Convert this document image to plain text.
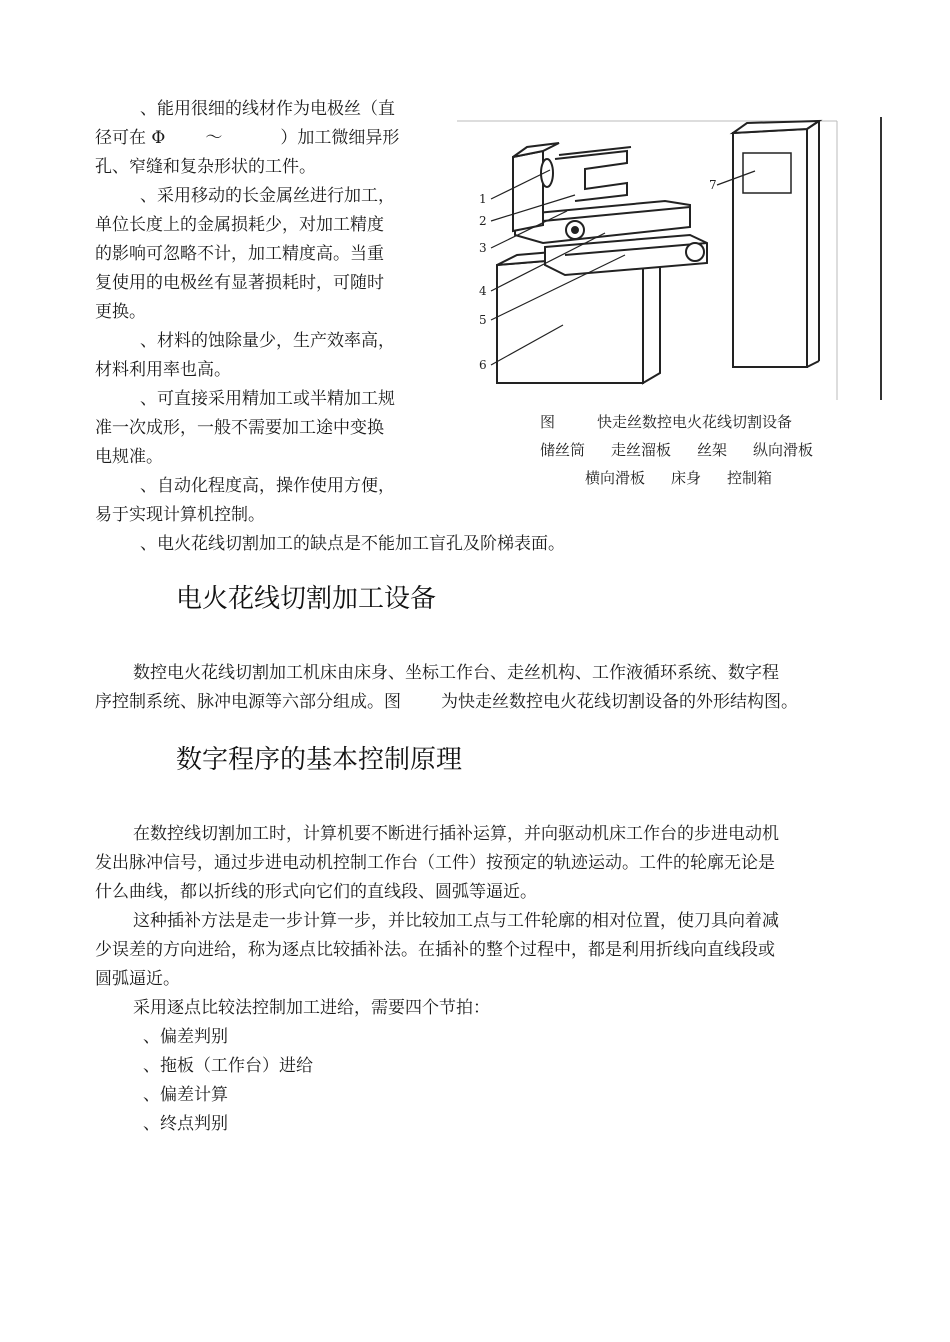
、能用很细的线材作为电极丝（直
径可在 Φ ～	）加工微细异形
孔、窄缝和复杂形状的工件。
、采用移动的长金属丝进行加工，
单位长度上的金属损耗少，对加工精度
的影响可忽略不计，加工精度高。当重
复使用的电极丝有显著损耗时，可随时
更换。
、材料的蚀除量少，生产效率高，
材料利用率也高。
、可直接采用精加工或半精加工规
准一次成形，一般不需要加工途中变换
电规准。
、自动化程度高，操作使用方便，
易于实现计算机控制。
、电火花线切割加工的缺点是不能加工盲孔及阶梯表面。
1
2
3
4
5
6
7
图	快走丝数控电火花线切割设备
储丝筒 走丝溜板 丝架 纵向滑板
横向滑板 床身 控制箱
电火花线切割加工设备
数控电火花线切割加工机床由床身、坐标工作台、走丝机构、工作液循环系统、数字程
序控制系统、脉冲电源等六部分组成。图 为快走丝数控电火花线切割设备的外形结构图。
数字程序的基本控制原理
在数控线切割加工时，计算机要不断进行插补运算，并向驱动机床工作台的步进电动机
发出脉冲信号，通过步进电动机控制工作台（工件）按预定的轨迹运动。工件的轮廓无论是
什么曲线，都以折线的形式向它们的直线段、圆弧等逼近。
这种插补方法是走一步计算一步，并比较加工点与工件轮廓的相对位置，使刀具向着减
少误差的方向进给，称为逐点比较插补法。在插补的整个过程中，都是利用折线向直线段或
圆弧逼近。
采用逐点比较法控制加工进给，需要四个节拍：
、偏差判别
、拖板（工作台）进给
、偏差计算
、终点判别
